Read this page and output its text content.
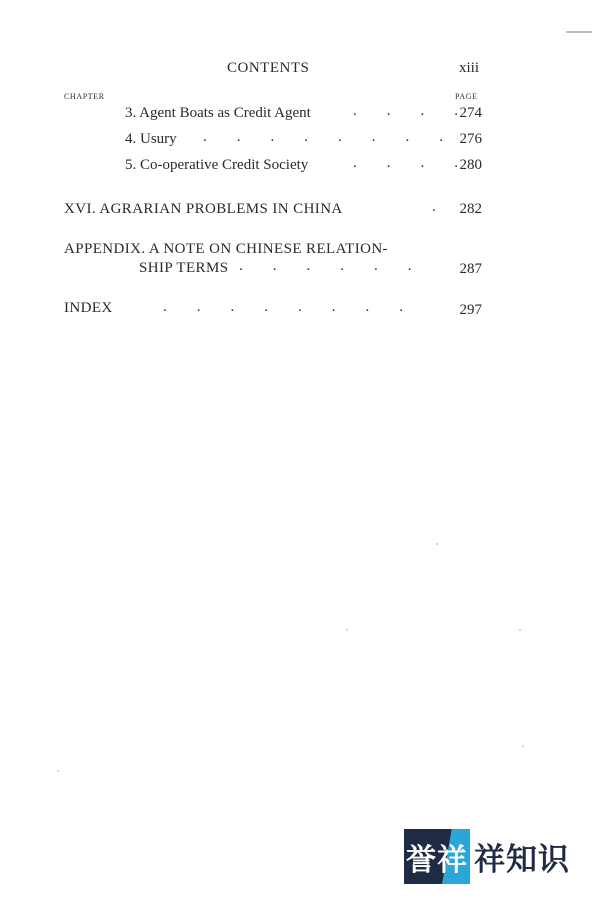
CONTENTS	xiii
CHAPTER	PAGE
3. Agent Boats as Credit Agent	.        .        .        . 274
4. Usury .        .        .        .        .        .        .        .	276
5. Co-operative Credit Society	.        .        .        . 280
XVI. AGRARIAN PROBLEMS IN CHINA	.	282
APPENDIX. A NOTE ON CHINESE RELATION-
SHIP TERMS .        .        .        .        .        .	287
INDEX	.        .        .        .        .        .        .        .	297
誉祥 祥知识
